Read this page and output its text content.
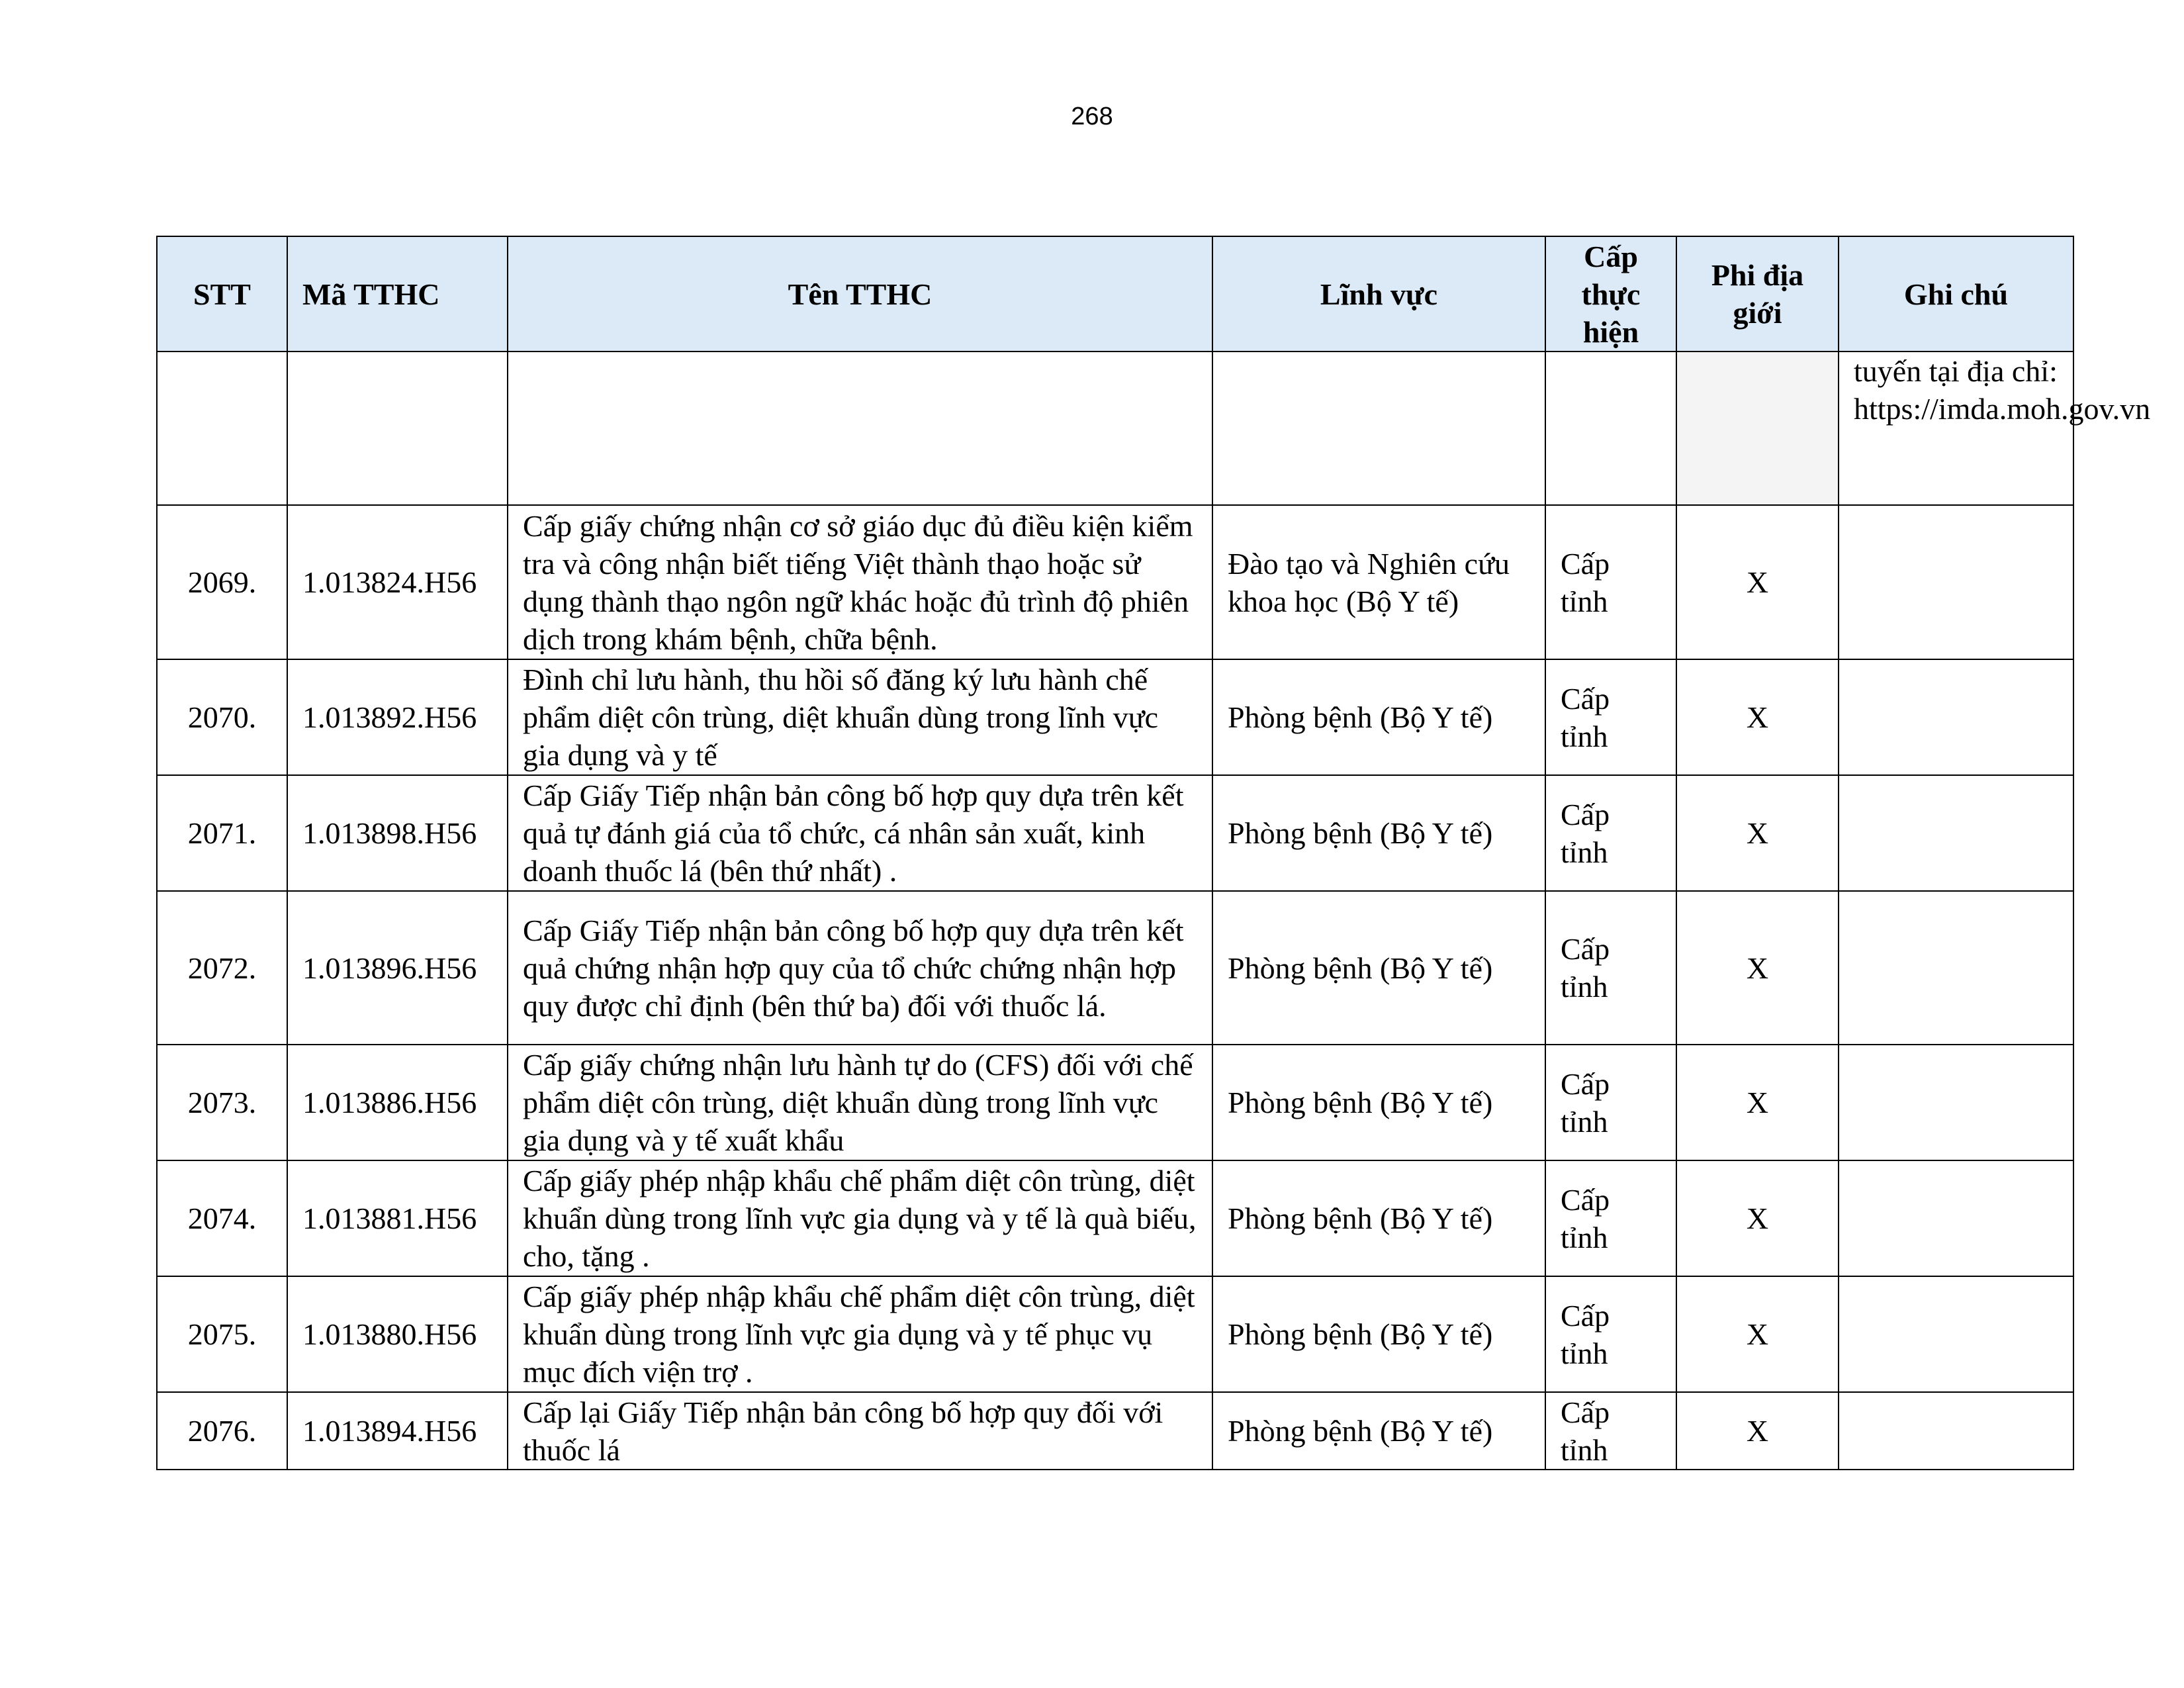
268
STT	Mã TTHC	Tên TTHC	Lĩnh vực	Cấp thực hiện	Phi địa giới	Ghi chú
						tuyến tại địa chỉ: https://imda.moh.gov.vn
2069.	1.013824.H56	Cấp giấy chứng nhận cơ sở giáo dục đủ điều kiện kiểm tra và công nhận biết tiếng Việt thành thạo hoặc sử dụng thành thạo ngôn ngữ khác hoặc đủ trình độ phiên dịch trong khám bệnh, chữa bệnh.	Đào tạo và Nghiên cứu khoa học (Bộ Y tế)	Cấp tỉnh	X	
2070.	1.013892.H56	Đình chỉ lưu hành, thu hồi số đăng ký lưu hành chế phẩm diệt côn trùng, diệt khuẩn dùng trong lĩnh vực gia dụng và y tế	Phòng bệnh (Bộ Y tế)	Cấp tỉnh	X	
2071.	1.013898.H56	Cấp Giấy Tiếp nhận bản công bố hợp quy dựa trên kết quả tự đánh giá của tổ chức, cá nhân sản xuất, kinh doanh thuốc lá (bên thứ nhất) .	Phòng bệnh (Bộ Y tế)	Cấp tỉnh	X	
2072.	1.013896.H56	Cấp Giấy Tiếp nhận bản công bố hợp quy dựa trên kết quả chứng nhận hợp quy của tổ chức chứng nhận hợp quy được chỉ định (bên thứ ba) đối với thuốc lá.	Phòng bệnh (Bộ Y tế)	Cấp tỉnh	X	
2073.	1.013886.H56	Cấp giấy chứng nhận lưu hành tự do (CFS) đối với chế phẩm diệt côn trùng, diệt khuẩn dùng trong lĩnh vực gia dụng và y tế xuất khẩu	Phòng bệnh (Bộ Y tế)	Cấp tỉnh	X	
2074.	1.013881.H56	Cấp giấy phép nhập khẩu chế phẩm diệt côn trùng, diệt khuẩn dùng trong lĩnh vực gia dụng và y tế là quà biếu, cho, tặng .	Phòng bệnh (Bộ Y tế)	Cấp tỉnh	X	
2075.	1.013880.H56	Cấp giấy phép nhập khẩu chế phẩm diệt côn trùng, diệt khuẩn dùng trong lĩnh vực gia dụng và y tế phục vụ mục đích viện trợ .	Phòng bệnh (Bộ Y tế)	Cấp tỉnh	X	
2076.	1.013894.H56	Cấp lại Giấy Tiếp nhận bản công bố hợp quy đối với thuốc lá	Phòng bệnh (Bộ Y tế)	Cấp tỉnh	X	
